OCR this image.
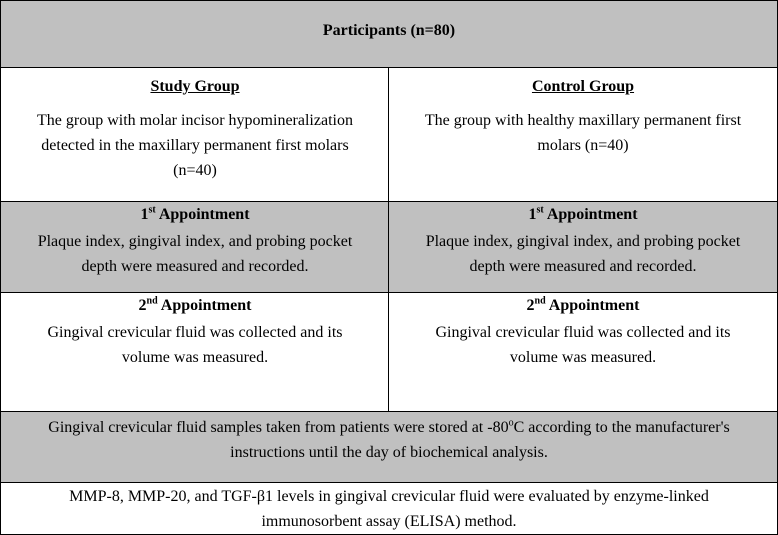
Participants (n=80)
Study Group
The group with molar incisor hypomineralization detected in the maxillary permanent first molars (n=40)
Control Group
The group with healthy maxillary permanent first molars (n=40)
1st Appointment
Plaque index, gingival index, and probing pocket depth were measured and recorded.
1st Appointment
Plaque index, gingival index, and probing pocket depth were measured and recorded.
2nd Appointment
Gingival crevicular fluid was collected and its volume was measured.
2nd Appointment
Gingival crevicular fluid was collected and its volume was measured.
Gingival crevicular fluid samples taken from patients were stored at -80$^o$C according to the manufacturer's instructions until the day of biochemical analysis.
MMP-8, MMP-20, and TGF-β1 levels in gingival crevicular fluid were evaluated by enzyme-linked immunosorbent assay (ELISA) method.
